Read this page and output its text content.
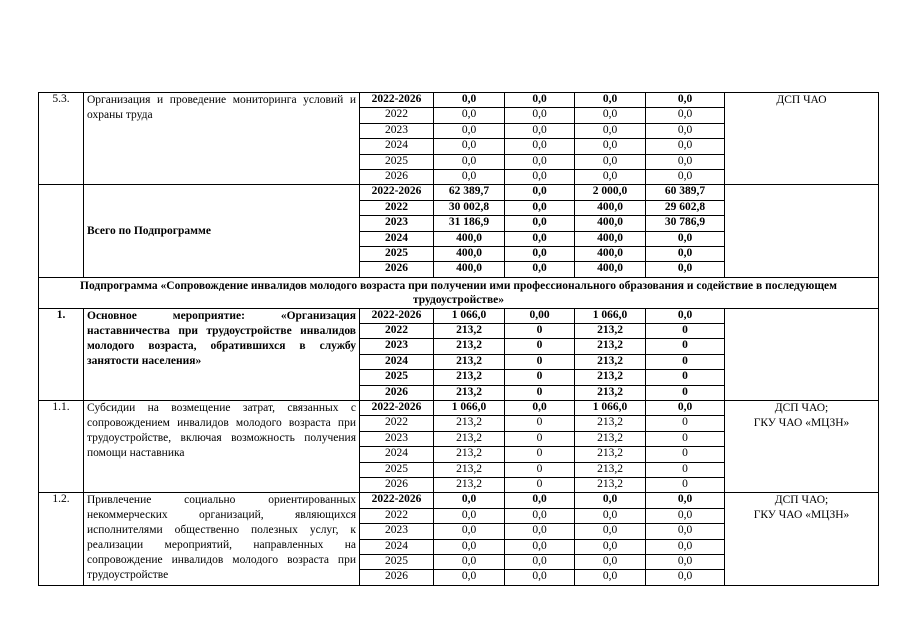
5.3.	Организация и проведение мониторинга условий и охраны труда	2022-2026	0,0	0,0	0,0	0,0	ДСП ЧАО
		2022	0,0	0,0	0,0	0,0	
		2023	0,0	0,0	0,0	0,0	
		2024	0,0	0,0	0,0	0,0	
		2025	0,0	0,0	0,0	0,0	
		2026	0,0	0,0	0,0	0,0	
	Всего по Подпрограмме	2022-2026	62 389,7	0,0	2 000,0	60 389,7	
		2022	30 002,8	0,0	400,0	29 602,8	
		2023	31 186,9	0,0	400,0	30 786,9	
		2024	400,0	0,0	400,0	0,0	
		2025	400,0	0,0	400,0	0,0	
		2026	400,0	0,0	400,0	0,0	
Подпрограмма «Сопровождение инвалидов молодого возраста при получении ими профессионального образования и содействие в последующем трудоустройстве»							
1.	Основное мероприятие: «Организация наставничества при трудоустройстве инвалидов молодого возраста, обратившихся в службу занятости населения»	2022-2026	1 066,0	0,00	1 066,0	0,0	
		2022	213,2	0	213,2	0	
		2023	213,2	0	213,2	0	
		2024	213,2	0	213,2	0	
		2025	213,2	0	213,2	0	
		2026	213,2	0	213,2	0	
1.1.	Субсидии на возмещение затрат, связанных с сопровождением инвалидов молодого возраста при трудоустройстве, включая возможность получения помощи наставника	2022-2026	1 066,0	0,0	1 066,0	0,0	ДСП ЧАО;
ГКУ ЧАО «МЦЗН»
		2022	213,2	0	213,2	0	
		2023	213,2	0	213,2	0	
		2024	213,2	0	213,2	0	
		2025	213,2	0	213,2	0	
		2026	213,2	0	213,2	0	
1.2.	Привлечение социально ориентированных некоммерческих организаций, являющихся исполнителями общественно полезных услуг, к реализации мероприятий, направленных на сопровождение инвалидов молодого возраста при трудоустройстве	2022-2026	0,0	0,0	0,0	0,0	ДСП ЧАО;
ГКУ ЧАО «МЦЗН»
		2022	0,0	0,0	0,0	0,0	
		2023	0,0	0,0	0,0	0,0	
		2024	0,0	0,0	0,0	0,0	
		2025	0,0	0,0	0,0	0,0	
		2026	0,0	0,0	0,0	0,0	
